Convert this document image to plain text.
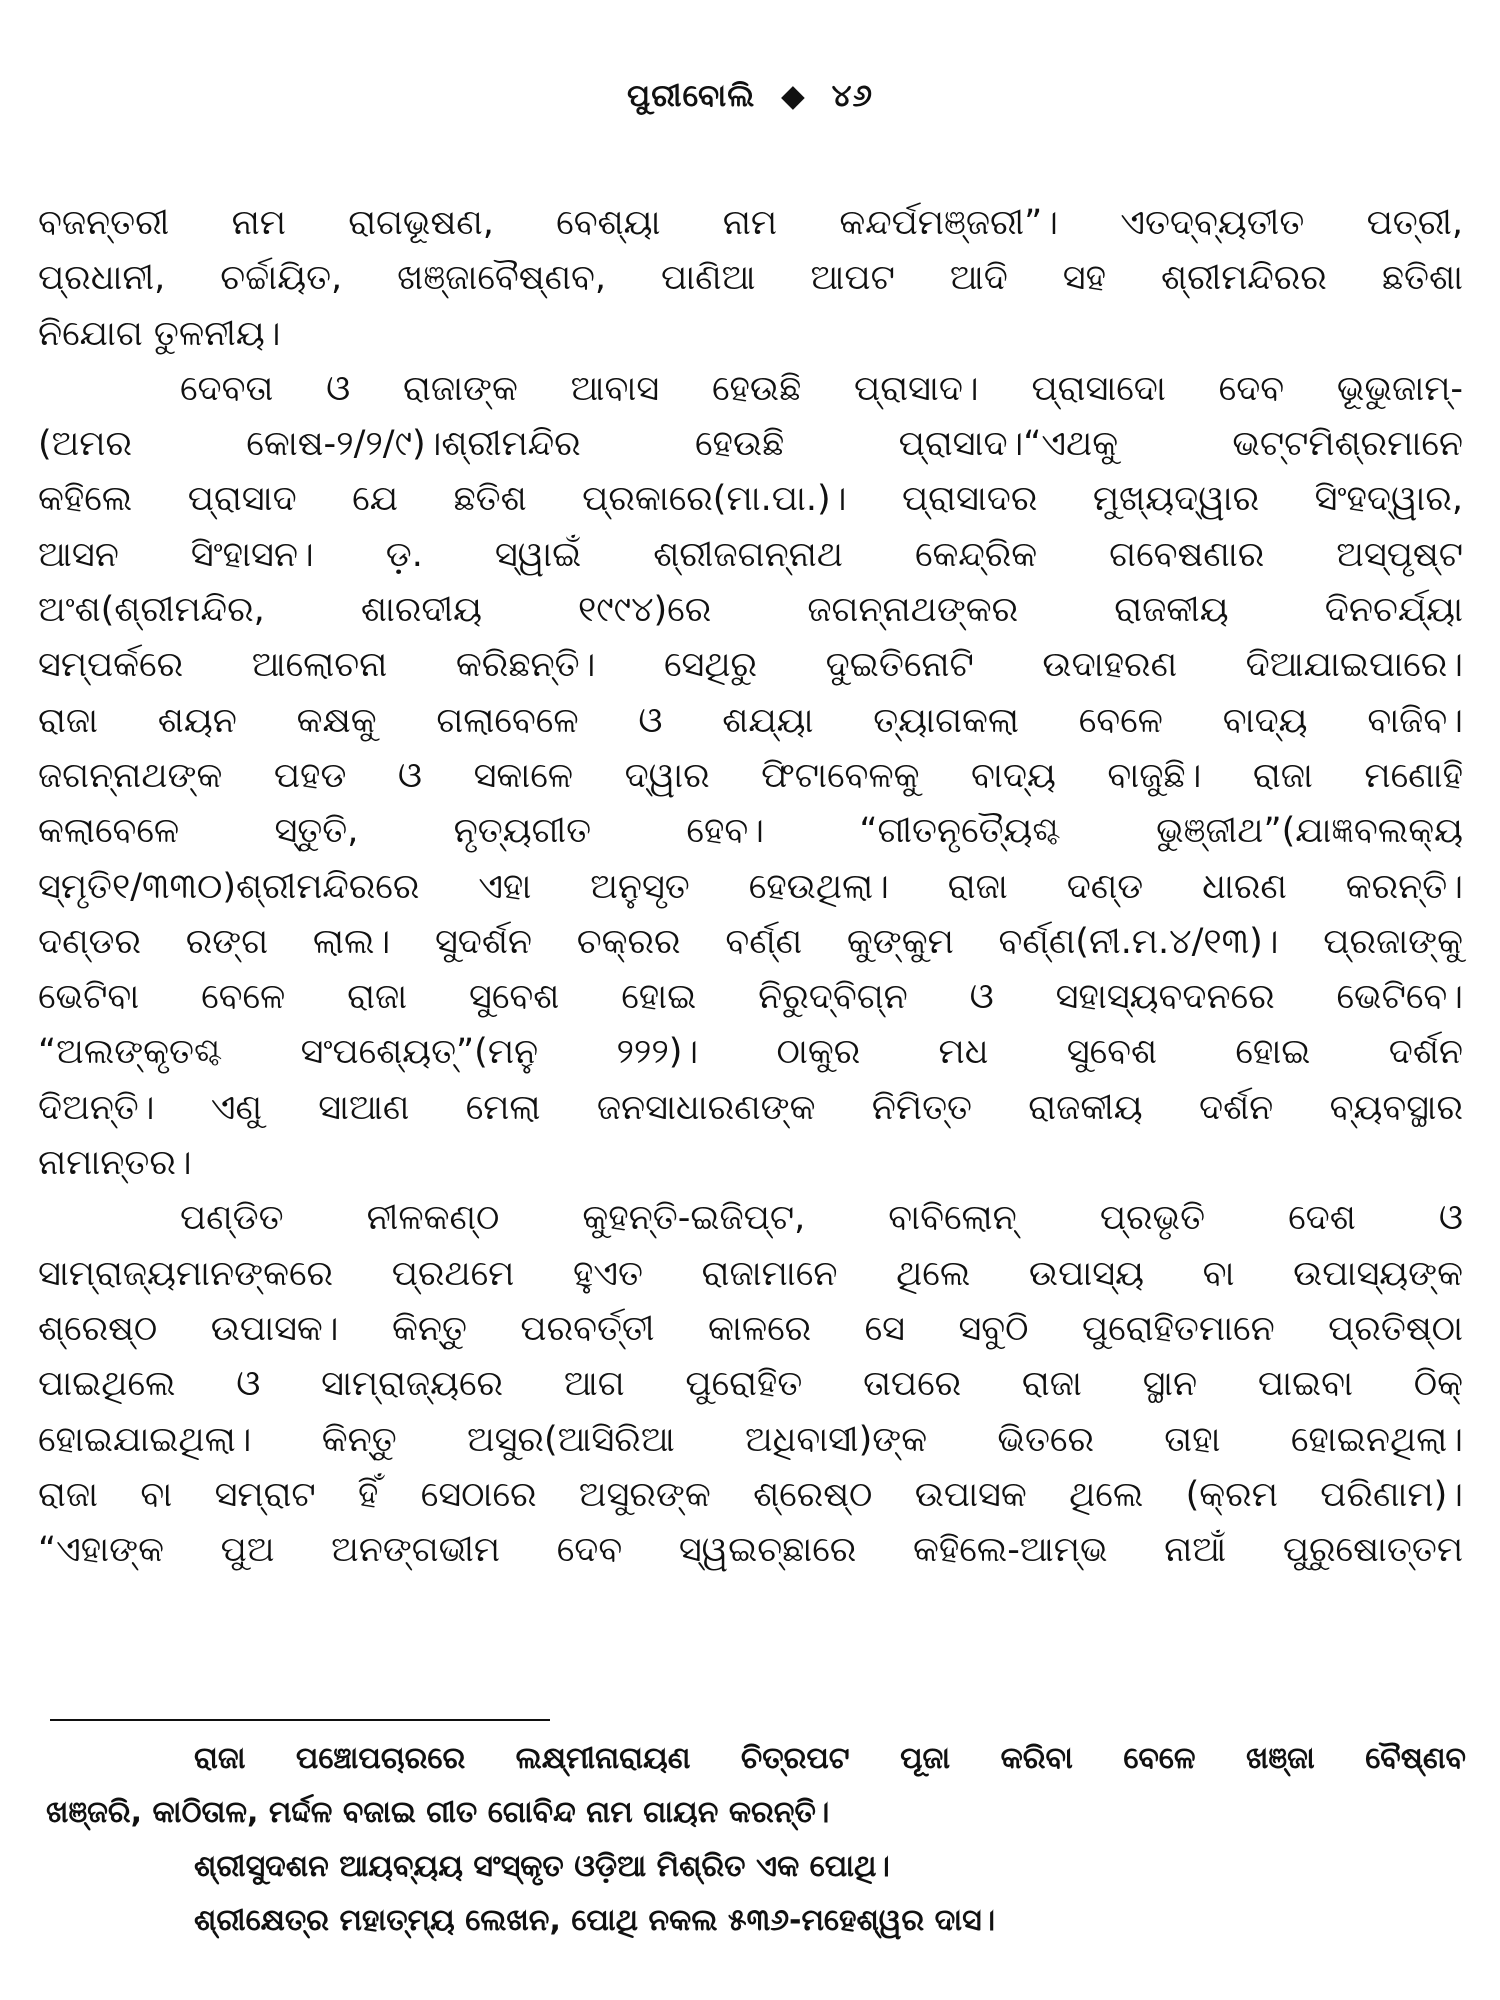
ପୁରୀବୋଲି ◆ ୪୬
ବଜନ୍ତରୀ ନାମ ରାଗଭୂଷଣ, ବେଶ୍ୟା ନାମ କନ୍ଦର୍ପମଞ୍ଜରୀ”। ଏତଦ୍‌ବ୍ୟତୀତ ପତ୍ରୀ,
ପ୍ରଧାନୀ, ଚର୍ଚ୍ଚାୟିତ, ଖଞ୍ଜାବୈଷ୍ଣବ, ପାଣିଆ ଆପଟ ଆଦି ସହ ଶ୍ରୀମନ୍ଦିରର ଛତିଶା
ନିଯୋଗ ତୁଳନୀୟ।
ଦେବତା ଓ ରାଜାଙ୍କ ଆବାସ ହେଉଛି ପ୍ରାସାଦ। ପ୍ରାସାଦୋ ଦେବ ଭୂଭୁଜାମ୍-
(ଅମର କୋଷ-୨/୨/୯)।ଶ୍ରୀମନ୍ଦିର ହେଉଛି ପ୍ରାସାଦ।“ଏଥକୁ ଭଟ୍ଟମିଶ୍ରମାନେ
କହିଲେ ପ୍ରାସାଦ ଯେ ଛତିଶ ପ୍ରକାରେ(ମା.ପା.)। ପ୍ରାସାଦର ମୁଖ୍ୟଦ୍ୱାର ସିଂହଦ୍ୱାର,
ଆସନ ସିଂହାସନ। ଡ଼. ସ୍ୱାଇଁ ଶ୍ରୀଜଗନ୍ନାଥ କେନ୍ଦ୍ରିକ ଗବେଷଣାର ଅସ୍ପୃଷ୍ଟ
ଅଂଶ(ଶ୍ରୀମନ୍ଦିର, ଶାରଦୀୟ ୧୯୯୪)ରେ ଜଗନ୍ନାଥଙ୍କର ରାଜକୀୟ ଦିନଚର୍ଯ୍ୟା
ସମ୍ପର୍କରେ ଆଲୋଚନା କରିଛନ୍ତି। ସେଥିରୁ ଦୁଇତିନୋଟି ଉଦାହରଣ ଦିଆଯାଇପାରେ।
ରାଜା ଶୟନ କକ୍ଷକୁ ଗଲାବେଳେ ଓ ଶଯ୍ୟା ତ୍ୟାଗକଲା ବେଳେ ବାଦ୍ୟ ବାଜିବ।
ଜଗନ୍ନାଥଙ୍କ ପହଡ ଓ ସକାଳେ ଦ୍ୱାର ଫିଟାବେଳକୁ ବାଦ୍ୟ ବାଜୁଛି। ରାଜା ମଣୋହି
କଲାବେଳେ ସ୍ତୁତି, ନୃତ୍ୟଗୀତ ହେବ। “ଗୀତନୃତ୍ୟୈଶ୍ଚ ଭୁଞ୍ଜୀଥ”(ଯାଜ୍ଞବଲକ୍ୟ
ସ୍ମୃତି୧/୩୩୦)ଶ୍ରୀମନ୍ଦିରରେ ଏହା ଅନୁସୃତ ହେଉଥିଲା। ରାଜା ଦଣ୍ଡ ଧାରଣ କରନ୍ତି।
ଦଣ୍ଡର ରଙ୍ଗ ଲାଲ। ସୁଦର୍ଶନ ଚକ୍ରର ବର୍ଣ୍ଣ କୁଙ୍କୁମ ବର୍ଣ୍ଣ(ନୀ.ମ.୪/୧୩)। ପ୍ରଜାଙ୍କୁ
ଭେଟିବା ବେଳେ ରାଜା ସୁବେଶ ହୋଇ ନିରୁଦ୍‌ବିଗ୍ନ ଓ ସହାସ୍ୟବଦନରେ ଭେଟିବେ।
“ଅଲଙ୍କୃତଶ୍ଚ ସଂପଶ୍ୟେତ୍”(ମନୁ ୨୨୨)। ଠାକୁର ମଧ ସୁବେଶ ହୋଇ ଦର୍ଶନ
ଦିଅନ୍ତି। ଏଣୁ ସାଆଣ ମେଲା ଜନସାଧାରଣଙ୍କ ନିମିତ୍ତ ରାଜକୀୟ ଦର୍ଶନ ବ୍ୟବସ୍ଥାର
ନାମାନ୍ତର।
ପଣ୍ଡିତ ନୀଳକଣ୍ଠ କୁହନ୍ତି-ଇଜିପ୍‌ଟ, ବାବିଲୋନ୍ ପ୍ରଭୃତି ଦେଶ ଓ
ସାମ୍ରାଜ୍ୟମାନଙ୍କରେ ପ୍ରଥମେ ହୁଏତ ରାଜାମାନେ ଥିଲେ ଉପାସ୍ୟ ବା ଉପାସ୍ୟଙ୍କ
ଶ୍ରେଷ୍ଠ ଉପାସକ। କିନ୍ତୁ ପରବର୍ତ୍ତୀ କାଳରେ ସେ ସବୁଠି ପୁରୋହିତମାନେ ପ୍ରତିଷ୍ଠା
ପାଇଥିଲେ ଓ ସାମ୍ରାଜ୍ୟରେ ଆଗ ପୁରୋହିତ ତାପରେ ରାଜା ସ୍ଥାନ ପାଇବା ଠିକ୍
ହୋଇଯାଇଥିଲା। କିନ୍ତୁ ଅସୁର(ଆସିରିଆ ଅଧିବାସୀ)ଙ୍କ ଭିତରେ ତାହା ହୋଇନଥିଲା।
ରାଜା ବା ସମ୍ରାଟ ହିଁ ସେଠାରେ ଅସୁରଙ୍କ ଶ୍ରେଷ୍ଠ ଉପାସକ ଥିଲେ (କ୍ରମ ପରିଣାମ)।
“ଏହାଙ୍କ ପୁଅ ଅନଙ୍ଗଭୀମ ଦେବ ସ୍ୱଇଚ୍ଛାରେ କହିଲେ-ଆମ୍ଭ ନାଆଁ ପୁରୁଷୋତ୍ତମ
ରାଜା ପଞ୍ଚୋପଚାରରେ ଲକ୍ଷ୍ମୀନାରାୟଣ ଚିତ୍ରପଟ ପୂଜା କରିବା ବେଳେ ଖଞ୍ଜା ବୈଷ୍ଣବ
ଖଞ୍ଜରି, କାଠିତାଳ, ମର୍ଦ୍ଦଳ ବଜାଇ ଗୀତ ଗୋବିନ୍ଦ ନାମ ଗାୟନ କରନ୍ତି।
ଶ୍ରୀସୁଦଶନ ଆୟବ୍ୟୟ ସଂସ୍କୃତ ଓଡ଼ିଆ ମିଶ୍ରିତ ଏକ ପୋଥି।
ଶ୍ରୀକ୍ଷେତ୍ର ମହାତ୍ମ୍ୟ ଲେଖନ, ପୋଥି ନକଲ ୫୩୬-ମହେଶ୍ୱର ଦାସ।
